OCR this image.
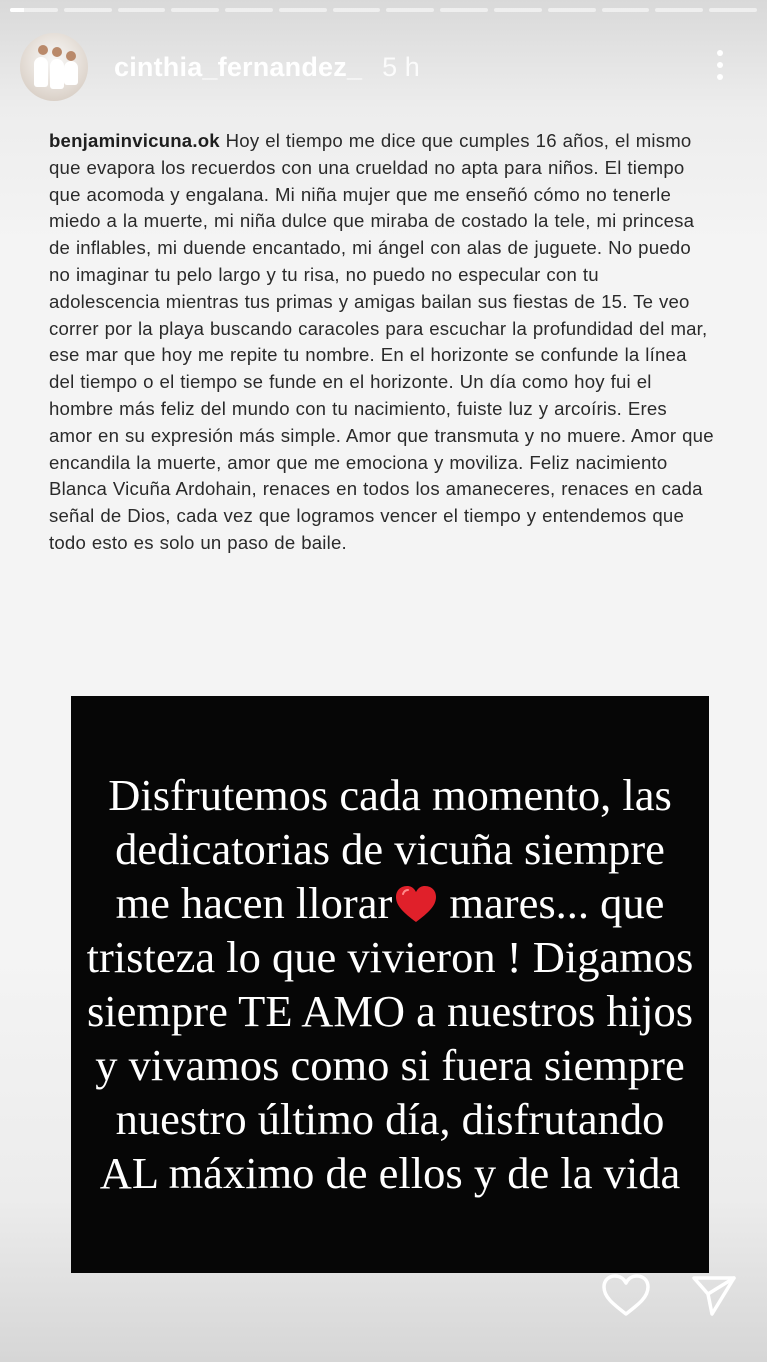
cinthia_fernandez_ 5 h
benjaminvicuna.ok Hoy el tiempo me dice que cumples 16 años, el mismo que evapora los recuerdos con una crueldad no apta para niños. El tiempo que acomoda y engalana. Mi niña mujer que me enseñó cómo no tenerle miedo a la muerte, mi niña dulce que miraba de costado la tele, mi princesa de inflables, mi duende encantado, mi ángel con alas de juguete. No puedo no imaginar tu pelo largo y tu risa, no puedo no especular con tu adolescencia mientras tus primas y amigas bailan sus fiestas de 15. Te veo correr por la playa buscando caracoles para escuchar la profundidad del mar, ese mar que hoy me repite tu nombre. En el horizonte se confunde la línea del tiempo o el tiempo se funde en el horizonte. Un día como hoy fui el hombre más feliz del mundo con tu nacimiento, fuiste luz y arcoíris. Eres amor en su expresión más simple. Amor que transmuta y no muere. Amor que encandila la muerte, amor que me emociona y moviliza. Feliz nacimiento Blanca Vicuña Ardohain, renaces en todos los amaneceres, renaces en cada señal de Dios, cada vez que logramos vencer el tiempo y entendemos que todo esto es solo un paso de baile.
Disfrutemos cada momento, las dedicatorias de vicuña siempre me hacen llorar
mares... que tristeza lo que vivieron ! Digamos siempre TE AMO a nuestros hijos y vivamos como si fuera siempre nuestro último día, disfrutando AL máximo de ellos y de la vida
